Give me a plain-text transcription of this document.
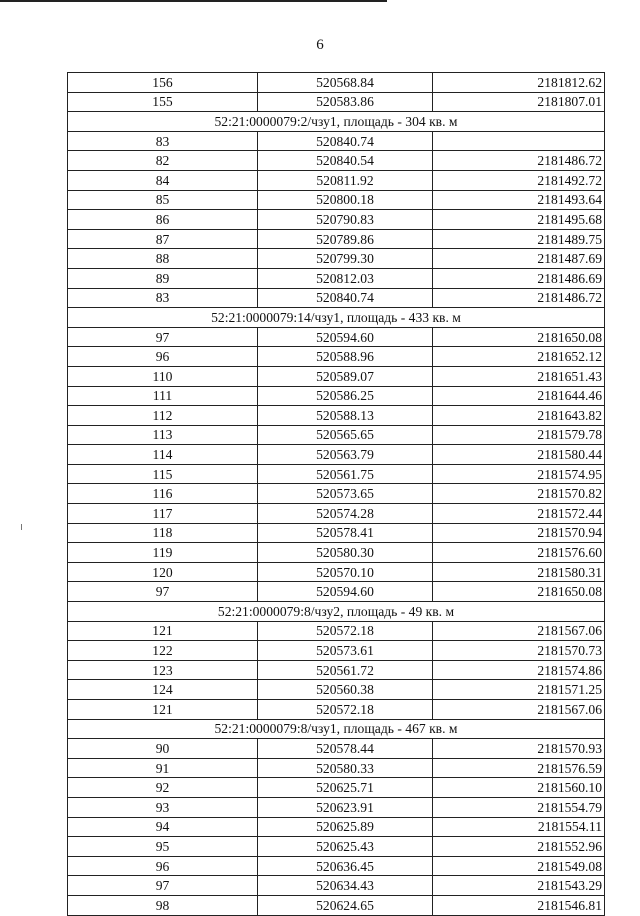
6
156	520568.84	2181812.62
155	520583.86	2181807.01
52:21:0000079:2/чзу1, площадь - 304 кв. м		
83	520840.74	
82	520840.54	2181486.72
84	520811.92	2181492.72
85	520800.18	2181493.64
86	520790.83	2181495.68
87	520789.86	2181489.75
88	520799.30	2181487.69
89	520812.03	2181486.69
83	520840.74	2181486.72
52:21:0000079:14/чзу1, площадь - 433 кв. м		
97	520594.60	2181650.08
96	520588.96	2181652.12
110	520589.07	2181651.43
111	520586.25	2181644.46
112	520588.13	2181643.82
113	520565.65	2181579.78
114	520563.79	2181580.44
115	520561.75	2181574.95
116	520573.65	2181570.82
117	520574.28	2181572.44
118	520578.41	2181570.94
119	520580.30	2181576.60
120	520570.10	2181580.31
97	520594.60	2181650.08
52:21:0000079:8/чзу2, площадь - 49 кв. м		
121	520572.18	2181567.06
122	520573.61	2181570.73
123	520561.72	2181574.86
124	520560.38	2181571.25
121	520572.18	2181567.06
52:21:0000079:8/чзу1, площадь - 467 кв. м		
90	520578.44	2181570.93
91	520580.33	2181576.59
92	520625.71	2181560.10
93	520623.91	2181554.79
94	520625.89	2181554.11
95	520625.43	2181552.96
96	520636.45	2181549.08
97	520634.43	2181543.29
98	520624.65	2181546.81
